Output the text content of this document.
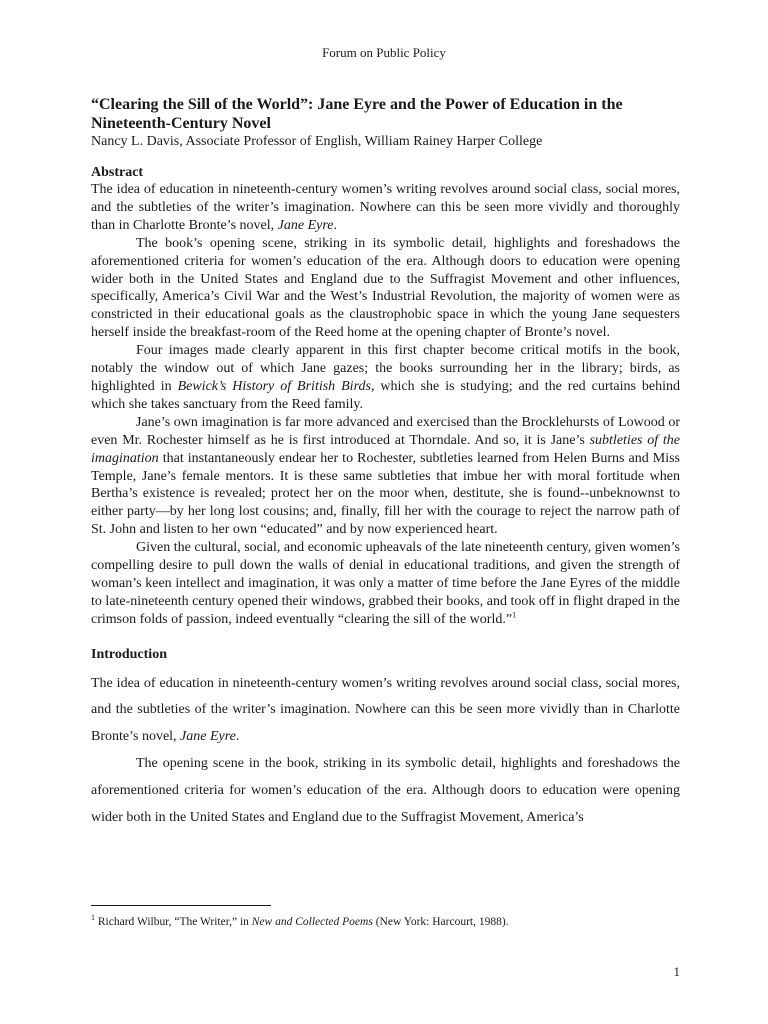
Forum on Public Policy
“Clearing the Sill of the World”: Jane Eyre and the Power of Education in the Nineteenth-Century Novel

Nancy L. Davis, Associate Professor of English, William Rainey Harper College

Abstract

The idea of education in nineteenth-century women’s writing revolves around social class, social mores, and the subtleties of the writer’s imagination. Nowhere can this be seen more vividly and thoroughly than in Charlotte Bronte’s novel, Jane Eyre.

The book’s opening scene, striking in its symbolic detail, highlights and foreshadows the aforementioned criteria for women’s education of the era. Although doors to education were opening wider both in the United States and England due to the Suffragist Movement and other influences, specifically, America’s Civil War and the West’s Industrial Revolution, the majority of women were as constricted in their educational goals as the claustrophobic space in which the young Jane sequesters herself inside the breakfast-room of the Reed home at the opening chapter of Bronte’s novel.

Four images made clearly apparent in this first chapter become critical motifs in the book, notably the window out of which Jane gazes; the books surrounding her in the library; birds, as highlighted in Bewick’s History of British Birds, which she is studying; and the red curtains behind which she takes sanctuary from the Reed family.

Jane’s own imagination is far more advanced and exercised than the Brocklehursts of Lowood or even Mr. Rochester himself as he is first introduced at Thorndale. And so, it is Jane’s subtleties of the imagination that instantaneously endear her to Rochester, subtleties learned from Helen Burns and Miss Temple, Jane’s female mentors. It is these same subtleties that imbue her with moral fortitude when Bertha’s existence is revealed; protect her on the moor when, destitute, she is found--unbeknownst to either party—by her long lost cousins; and, finally, fill her with the courage to reject the narrow path of St. John and listen to her own “educated” and by now experienced heart.

Given the cultural, social, and economic upheavals of the late nineteenth century, given women’s compelling desire to pull down the walls of denial in educational traditions, and given the strength of woman’s keen intellect and imagination, it was only a matter of time before the Jane Eyres of the middle to late-nineteenth century opened their windows, grabbed their books, and took off in flight draped in the crimson folds of passion, indeed eventually “clearing the sill of the world.”$^1$

Introduction

The idea of education in nineteenth-century women’s writing revolves around social class, social mores, and the subtleties of the writer’s imagination. Nowhere can this be seen more vividly than in Charlotte Bronte’s novel, Jane Eyre.

The opening scene in the book, striking in its symbolic detail, highlights and foreshadows the aforementioned criteria for women’s education of the era. Although doors to education were opening wider both in the United States and England due to the Suffragist Movement, America’s

$^1$ Richard Wilbur, “The Writer,” in New and Collected Poems (New York: Harcourt, 1988).
1
